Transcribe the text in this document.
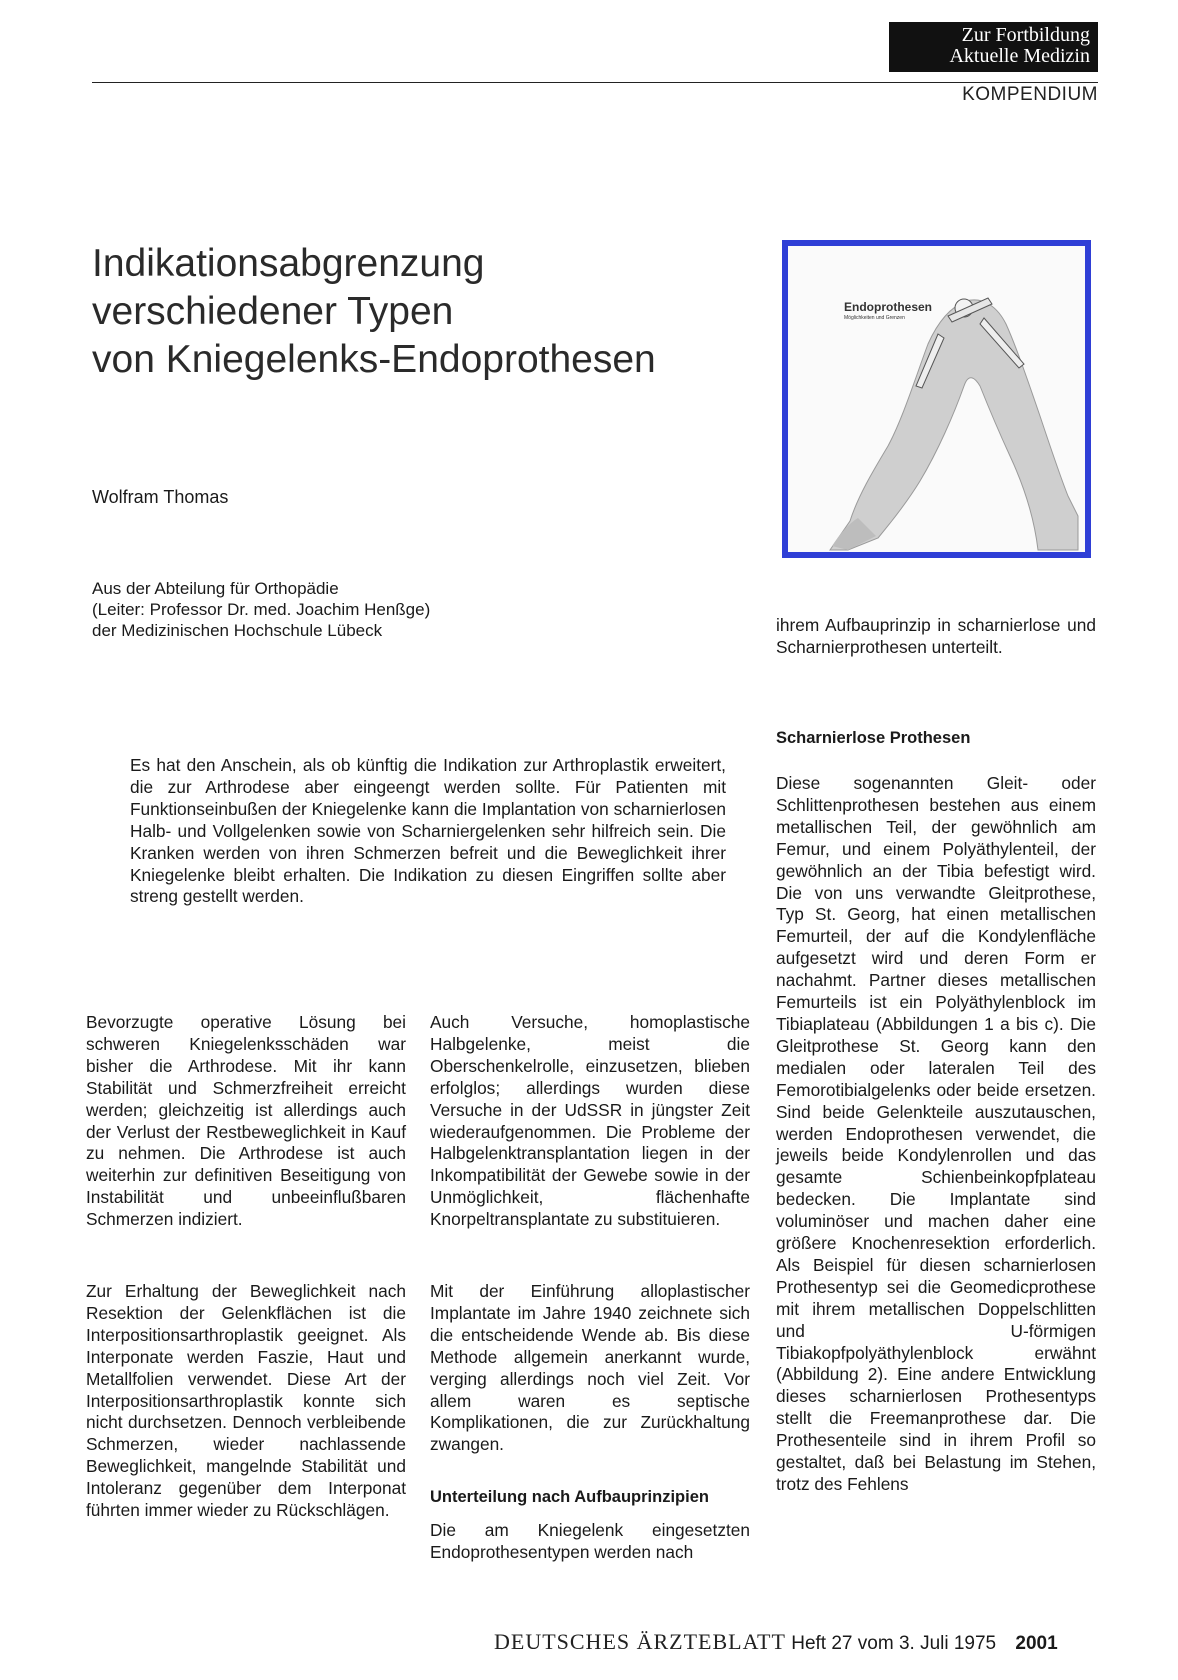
Zur Fortbildung
Aktuelle Medizin
KOMPENDIUM
Indikationsabgrenzung
verschiedener Typen
von Kniegelenks-Endoprothesen
Wolfram Thomas
Aus der Abteilung für Orthopädie
(Leiter: Professor Dr. med. Joachim Henßge)
der Medizinischen Hochschule Lübeck
Endoprothesen
Möglichkeiten und Grenzen

Es hat den Anschein, als ob künftig die Indikation zur Arthroplastik erweitert, die zur Arthrodese aber eingeengt werden sollte. Für Patienten mit Funktionseinbußen der Kniegelenke kann die Implantation von scharnierlosen Halb- und Vollgelenken sowie von Scharniergelenken sehr hilfreich sein. Die Kranken werden von ihren Schmerzen befreit und die Beweglichkeit ihrer Kniegelenke bleibt erhalten. Die Indikation zu diesen Eingriffen sollte aber streng gestellt werden.

Bevorzugte operative Lösung bei schweren Kniegelenksschäden war bisher die Arthrodese. Mit ihr kann Stabilität und Schmerzfreiheit erreicht werden; gleichzeitig ist allerdings auch der Verlust der Restbeweglichkeit in Kauf zu nehmen. Die Arthrodese ist auch weiterhin zur definitiven Beseitigung von Instabilität und unbeeinflußbaren Schmerzen indiziert.

Zur Erhaltung der Beweglichkeit nach Resektion der Gelenkflächen ist die Interpositionsarthroplastik geeignet. Als Interponate werden Faszie, Haut und Metallfolien verwendet. Diese Art der Interpositionsarthroplastik konnte sich nicht durchsetzen. Dennoch verbleibende Schmerzen, wieder nachlassende Beweglichkeit, mangelnde Stabilität und Intoleranz gegenüber dem Interponat führten immer wieder zu Rückschlägen.

Auch Versuche, homoplastische Halbgelenke, meist die Oberschenkelrolle, einzusetzen, blieben erfolglos; allerdings wurden diese Versuche in der UdSSR in jüngster Zeit wiederaufgenommen. Die Probleme der Halbgelenktransplantation liegen in der Inkompatibilität der Gewebe sowie in der Unmöglichkeit, flächenhafte Knorpeltransplantate zu substituieren.

Mit der Einführung alloplastischer Implantate im Jahre 1940 zeichnete sich die entscheidende Wende ab. Bis diese Methode allgemein anerkannt wurde, verging allerdings noch viel Zeit. Vor allem waren es septische Komplikationen, die zur Zurückhaltung zwangen.

Unterteilung nach Aufbauprinzipien

Die am Kniegelenk eingesetzten Endoprothesentypen werden nach

ihrem Aufbauprinzip in scharnierlose und Scharnierprothesen unterteilt.

Scharnierlose Prothesen

Diese sogenannten Gleit- oder Schlittenprothesen bestehen aus einem metallischen Teil, der gewöhnlich am Femur, und einem Polyäthylenteil, der gewöhnlich an der Tibia befestigt wird. Die von uns verwandte Gleitprothese, Typ St. Georg, hat einen metallischen Femurteil, der auf die Kondylenfläche aufgesetzt wird und deren Form er nachahmt. Partner dieses metallischen Femurteils ist ein Polyäthylenblock im Tibiaplateau (Abbildungen 1 a bis c). Die Gleitprothese St. Georg kann den medialen oder lateralen Teil des Femorotibialgelenks oder beide ersetzen. Sind beide Gelenkteile auszutauschen, werden Endoprothesen verwendet, die jeweils beide Kondylenrollen und das gesamte Schienbeinkopfplateau bedecken. Die Implantate sind voluminöser und machen daher eine größere Knochenresektion erforderlich. Als Beispiel für diesen scharnierlosen Prothesentyp sei die Geomedicprothese mit ihrem metallischen Doppelschlitten und U-förmigen Tibiakopfpolyäthylenblock erwähnt (Abbildung 2). Eine andere Entwicklung dieses scharnierlosen Prothesentyps stellt die Freemanprothese dar. Die Prothesenteile sind in ihrem Profil so gestaltet, daß bei Belastung im Stehen, trotz des Fehlens

DEUTSCHES ÄRZTEBLATT Heft 27 vom 3. Juli 1975 2001
